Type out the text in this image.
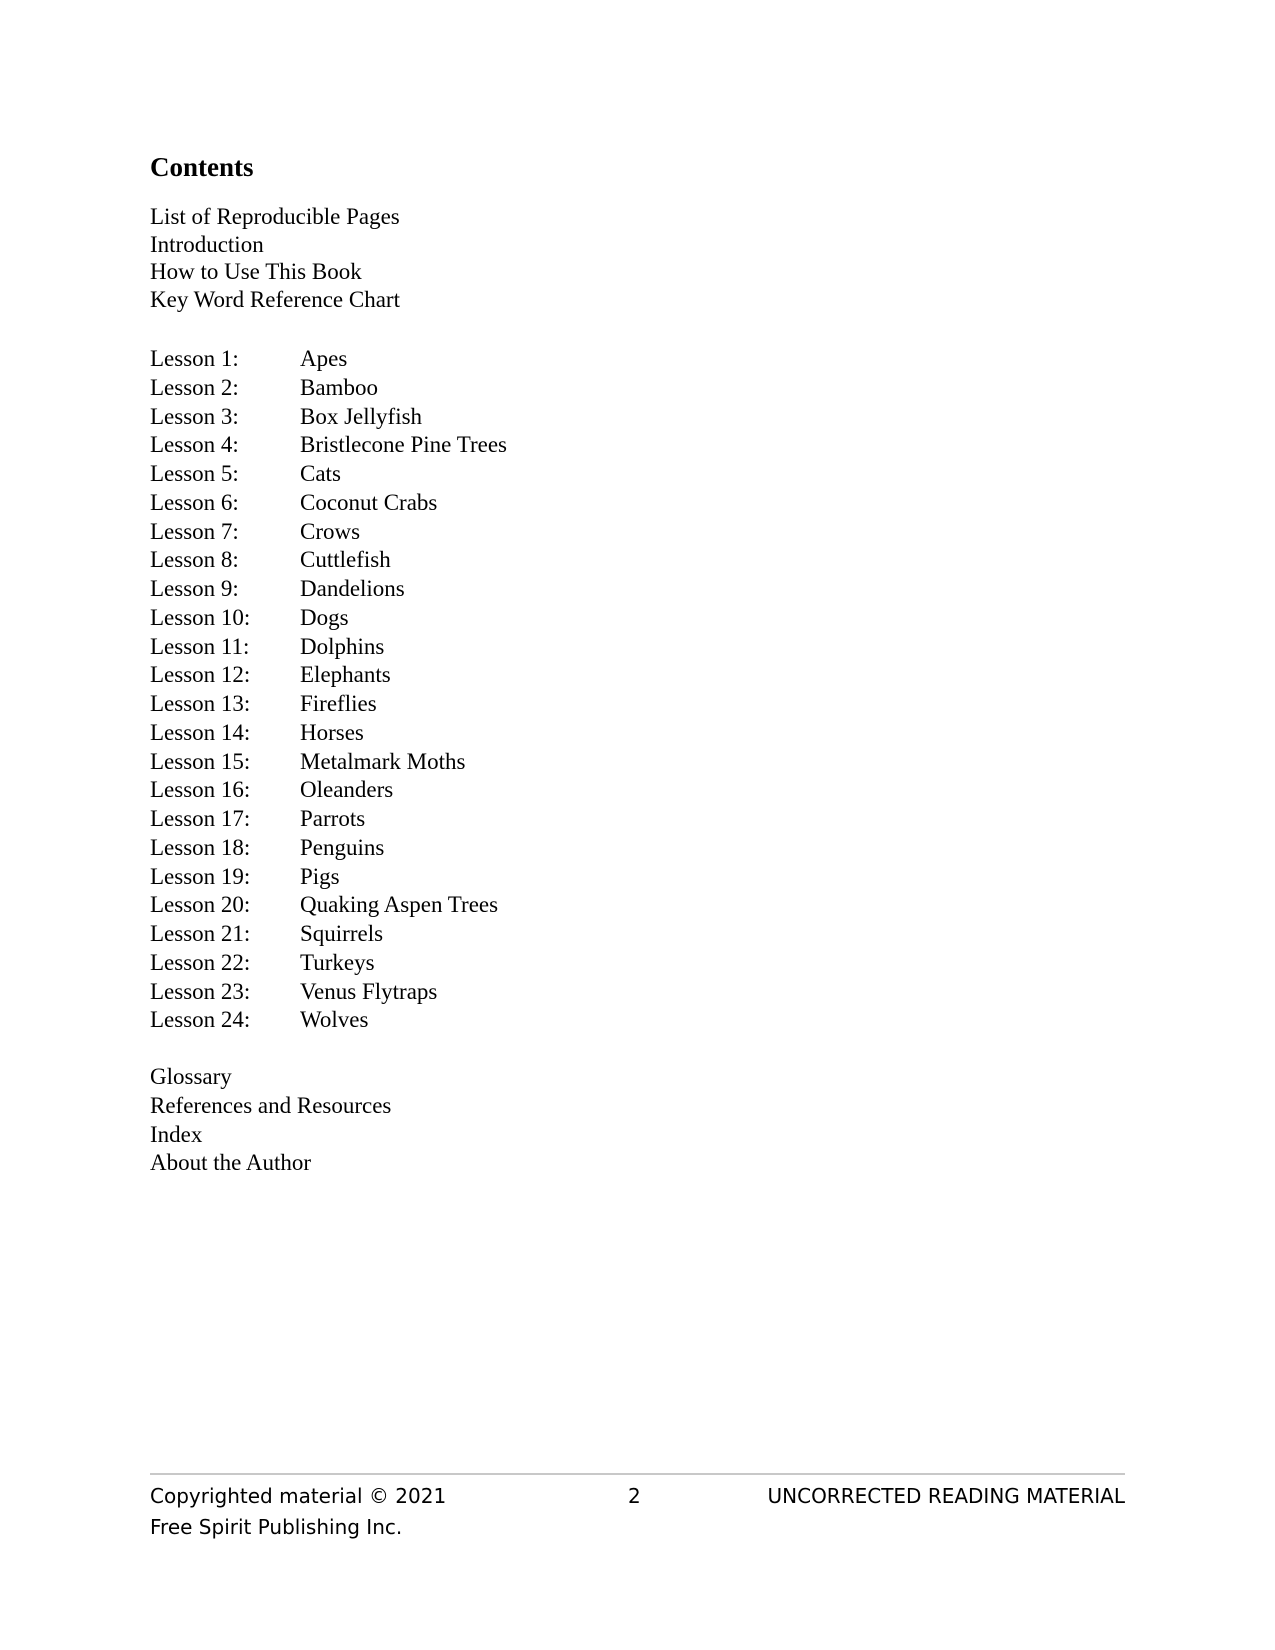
Contents
List of Reproducible Pages
Introduction
How to Use This Book
Key Word Reference Chart
Lesson 1:	Apes
Lesson 2:	Bamboo
Lesson 3:	Box Jellyfish
Lesson 4:	Bristlecone Pine Trees
Lesson 5:	Cats
Lesson 6:	Coconut Crabs
Lesson 7:	Crows
Lesson 8:	Cuttlefish
Lesson 9:	Dandelions
Lesson 10:	Dogs
Lesson 11:	Dolphins
Lesson 12:	Elephants
Lesson 13:	Fireflies
Lesson 14:	Horses
Lesson 15:	Metalmark Moths
Lesson 16:	Oleanders
Lesson 17:	Parrots
Lesson 18:	Penguins
Lesson 19:	Pigs
Lesson 20:	Quaking Aspen Trees
Lesson 21:	Squirrels
Lesson 22:	Turkeys
Lesson 23:	Venus Flytraps
Lesson 24:	Wolves
Glossary
References and Resources
Index
About the Author
Copyrighted material © 2021
Free Spirit Publishing Inc.
2	UNCORRECTED READING MATERIAL
